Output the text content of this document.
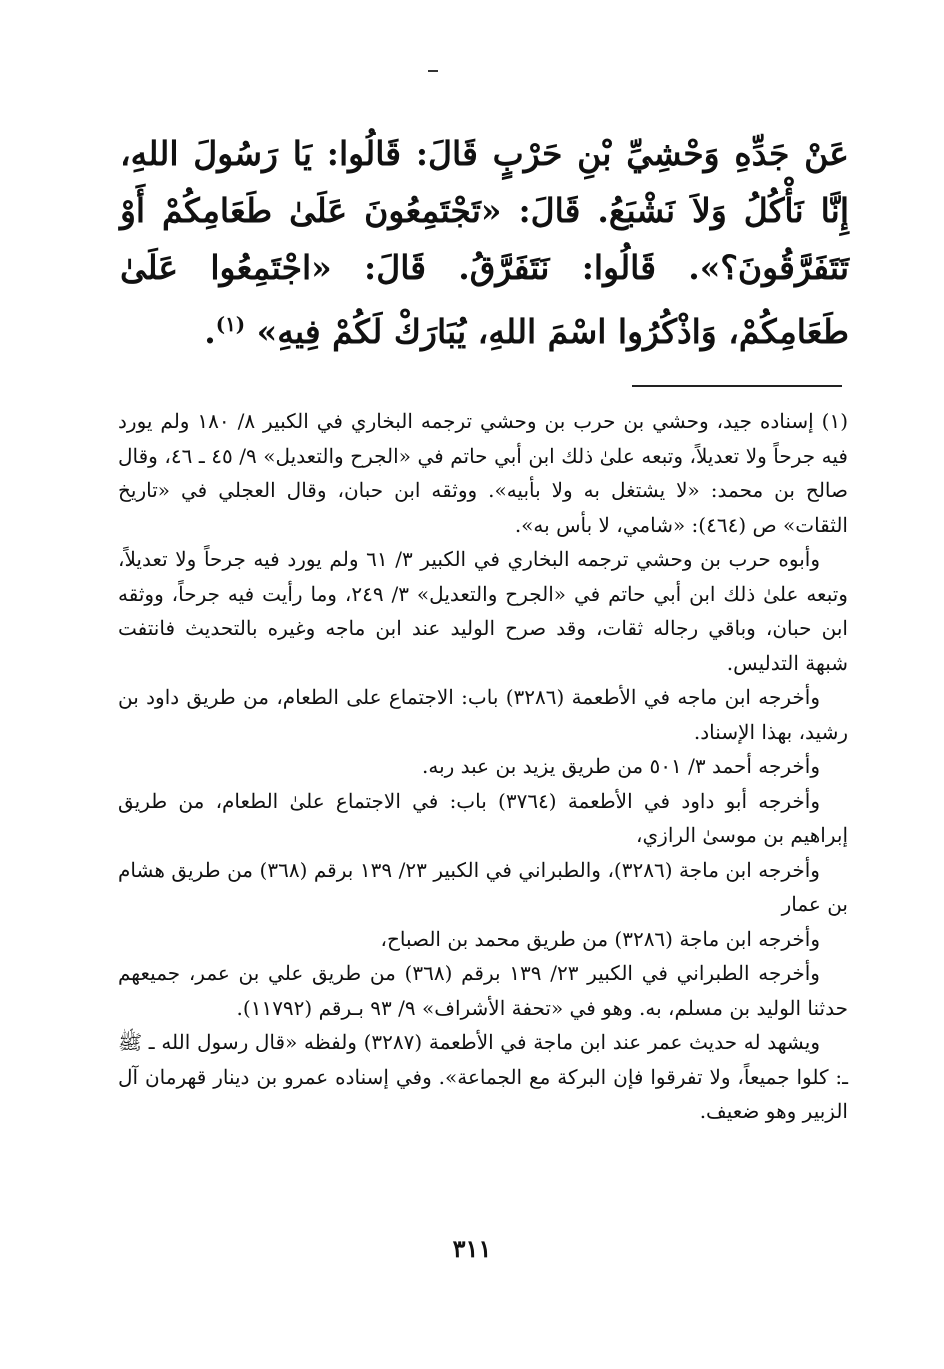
عَنْ جَدِّهِ وَحْشِيِّ بْنِ حَرْبٍ قَالَ: قَالُوا: يَا رَسُولَ اللهِ، إِنَّا نَأْكُلُ وَلاَ نَشْبَعُ. قَالَ: «تَجْتَمِعُونَ عَلَىٰ طَعَامِكُمْ أَوْ تَتَفَرَّقُونَ؟». قَالُوا: نَتَفَرَّقُ. قَالَ: «اجْتَمِعُوا عَلَىٰ طَعَامِكُمْ، وَاذْكُرُوا اسْمَ اللهِ، يُبَارَكْ لَكُمْ فِيهِ» $^{(١)}$.

(١) إسناده جيد، وحشي بن حرب بن وحشي ترجمه البخاري في الكبير ٨/ ١٨٠ ولم يورد فيه جرحاً ولا تعديلاً، وتبعه علىٰ ذلك ابن أبي حاتم في «الجرح والتعديل» ٩/ ٤٥ ـ ٤٦، وقال صالح بن محمد: «لا يشتغل به ولا بأبيه». ووثقه ابن حبان، وقال العجلي في «تاريخ الثقات» ص (٤٦٤): «شامي، لا بأس به».

وأبوه حرب بن وحشي ترجمه البخاري في الكبير ٣/ ٦١ ولم يورد فيه جرحاً ولا تعديلاً، وتبعه علىٰ ذلك ابن أبي حاتم في «الجرح والتعديل» ٣/ ٢٤٩، وما رأيت فيه جرحاً، ووثقه ابن حبان، وباقي رجاله ثقات، وقد صرح الوليد عند ابن ماجه وغيره بالتحديث فانتفت شبهة التدليس.

وأخرجه ابن ماجه في الأطعمة (٣٢٨٦) باب: الاجتماع على الطعام، من طريق داود بن رشيد، بهذا الإسناد.

وأخرجه أحمد ٣/ ٥٠١ من طريق يزيد بن عبد ربه.

وأخرجه أبو داود في الأطعمة (٣٧٦٤) باب: في الاجتماع علىٰ الطعام، من طريق إبراهيم بن موسىٰ الرازي،

وأخرجه ابن ماجة (٣٢٨٦)، والطبراني في الكبير ٢٣/ ١٣٩ برقم (٣٦٨) من طريق هشام بن عمار

وأخرجه ابن ماجة (٣٢٨٦) من طريق محمد بن الصباح،

وأخرجه الطبراني في الكبير ٢٣/ ١٣٩ برقم (٣٦٨) من طريق علي بن عمر، جميعهم حدثنا الوليد بن مسلم، به. وهو في «تحفة الأشراف» ٩/ ٩٣ بـرقم (١١٧٩٢).

ويشهد له حديث عمر عند ابن ماجة في الأطعمة (٣٢٨٧) ولفظه «قال رسول الله ـ ﷺ ـ: كلوا جميعاً، ولا تفرقوا فإن البركة مع الجماعة». وفي إسناده عمرو بن دينار قهرمان آل الزبير وهو ضعيف.

٣١١
